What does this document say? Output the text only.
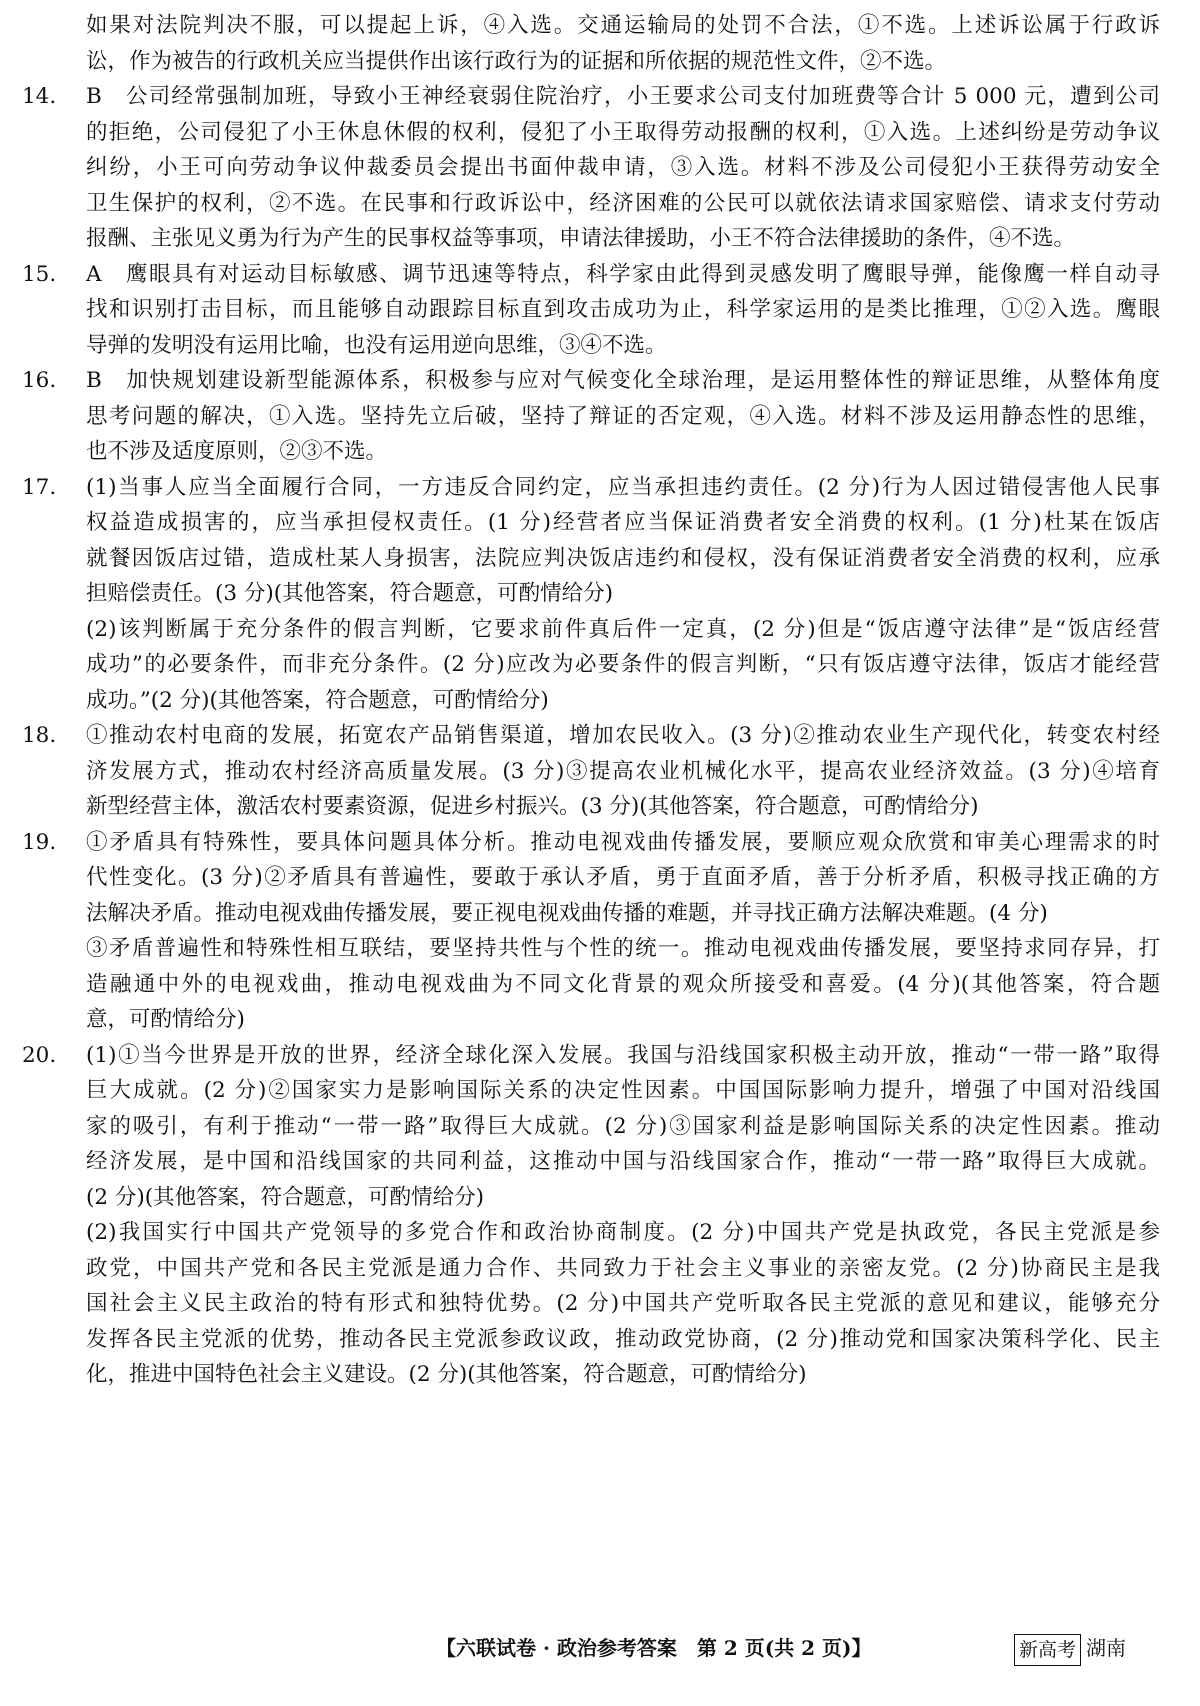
如果对法院判决不服，可以提起上诉，④入选。交通运输局的处罚不合法，①不选。上述诉讼属于行政诉
讼，作为被告的行政机关应当提供作出该行政行为的证据和所依据的规范性文件，②不选。
14. B　公司经常强制加班，导致小王神经衰弱住院治疗，小王要求公司支付加班费等合计 5 000 元，遭到公司
的拒绝，公司侵犯了小王休息休假的权利，侵犯了小王取得劳动报酬的权利，①入选。上述纠纷是劳动争议
纠纷，小王可向劳动争议仲裁委员会提出书面仲裁申请，③入选。材料不涉及公司侵犯小王获得劳动安全
卫生保护的权利，②不选。在民事和行政诉讼中，经济困难的公民可以就依法请求国家赔偿、请求支付劳动
报酬、主张见义勇为行为产生的民事权益等事项，申请法律援助，小王不符合法律援助的条件，④不选。
15. A　鹰眼具有对运动目标敏感、调节迅速等特点，科学家由此得到灵感发明了鹰眼导弹，能像鹰一样自动寻
找和识别打击目标，而且能够自动跟踪目标直到攻击成功为止，科学家运用的是类比推理，①②入选。鹰眼
导弹的发明没有运用比喻，也没有运用逆向思维，③④不选。
16. B　加快规划建设新型能源体系，积极参与应对气候变化全球治理，是运用整体性的辩证思维，从整体角度
思考问题的解决，①入选。坚持先立后破，坚持了辩证的否定观，④入选。材料不涉及运用静态性的思维，
也不涉及适度原则，②③不选。
17. (1)当事人应当全面履行合同，一方违反合同约定，应当承担违约责任。(2 分)行为人因过错侵害他人民事
权益造成损害的，应当承担侵权责任。(1 分)经营者应当保证消费者安全消费的权利。(1 分)杜某在饭店
就餐因饭店过错，造成杜某人身损害，法院应判决饭店违约和侵权，没有保证消费者安全消费的权利，应承
担赔偿责任。(3 分)(其他答案，符合题意，可酌情给分)
(2)该判断属于充分条件的假言判断，它要求前件真后件一定真，(2 分)但是“饭店遵守法律”是“饭店经营
成功”的必要条件，而非充分条件。(2 分)应改为必要条件的假言判断，“只有饭店遵守法律，饭店才能经营
成功。”(2 分)(其他答案，符合题意，可酌情给分)
18. ①推动农村电商的发展，拓宽农产品销售渠道，增加农民收入。(3 分)②推动农业生产现代化，转变农村经
济发展方式，推动农村经济高质量发展。(3 分)③提高农业机械化水平，提高农业经济效益。(3 分)④培育
新型经营主体，激活农村要素资源，促进乡村振兴。(3 分)(其他答案，符合题意，可酌情给分)
19. ①矛盾具有特殊性，要具体问题具体分析。推动电视戏曲传播发展，要顺应观众欣赏和审美心理需求的时
代性变化。(3 分)②矛盾具有普遍性，要敢于承认矛盾，勇于直面矛盾，善于分析矛盾，积极寻找正确的方
法解决矛盾。推动电视戏曲传播发展，要正视电视戏曲传播的难题，并寻找正确方法解决难题。(4 分)
③矛盾普遍性和特殊性相互联结，要坚持共性与个性的统一。推动电视戏曲传播发展，要坚持求同存异，打
造融通中外的电视戏曲，推动电视戏曲为不同文化背景的观众所接受和喜爱。(4 分)(其他答案，符合题
意，可酌情给分)
20. (1)①当今世界是开放的世界，经济全球化深入发展。我国与沿线国家积极主动开放，推动“一带一路”取得
巨大成就。(2 分)②国家实力是影响国际关系的决定性因素。中国国际影响力提升，增强了中国对沿线国
家的吸引，有利于推动“一带一路”取得巨大成就。(2 分)③国家利益是影响国际关系的决定性因素。推动
经济发展，是中国和沿线国家的共同利益，这推动中国与沿线国家合作，推动“一带一路”取得巨大成就。
(2 分)(其他答案，符合题意，可酌情给分)
(2)我国实行中国共产党领导的多党合作和政治协商制度。(2 分)中国共产党是执政党，各民主党派是参
政党，中国共产党和各民主党派是通力合作、共同致力于社会主义事业的亲密友党。(2 分)协商民主是我
国社会主义民主政治的特有形式和独特优势。(2 分)中国共产党听取各民主党派的意见和建议，能够充分
发挥各民主党派的优势，推动各民主党派参政议政，推动政党协商，(2 分)推动党和国家决策科学化、民主
化，推进中国特色社会主义建设。(2 分)(其他答案，符合题意，可酌情给分)
【六联试卷 · 政治参考答案　第 2 页(共 2 页)】	新高考 湖南
